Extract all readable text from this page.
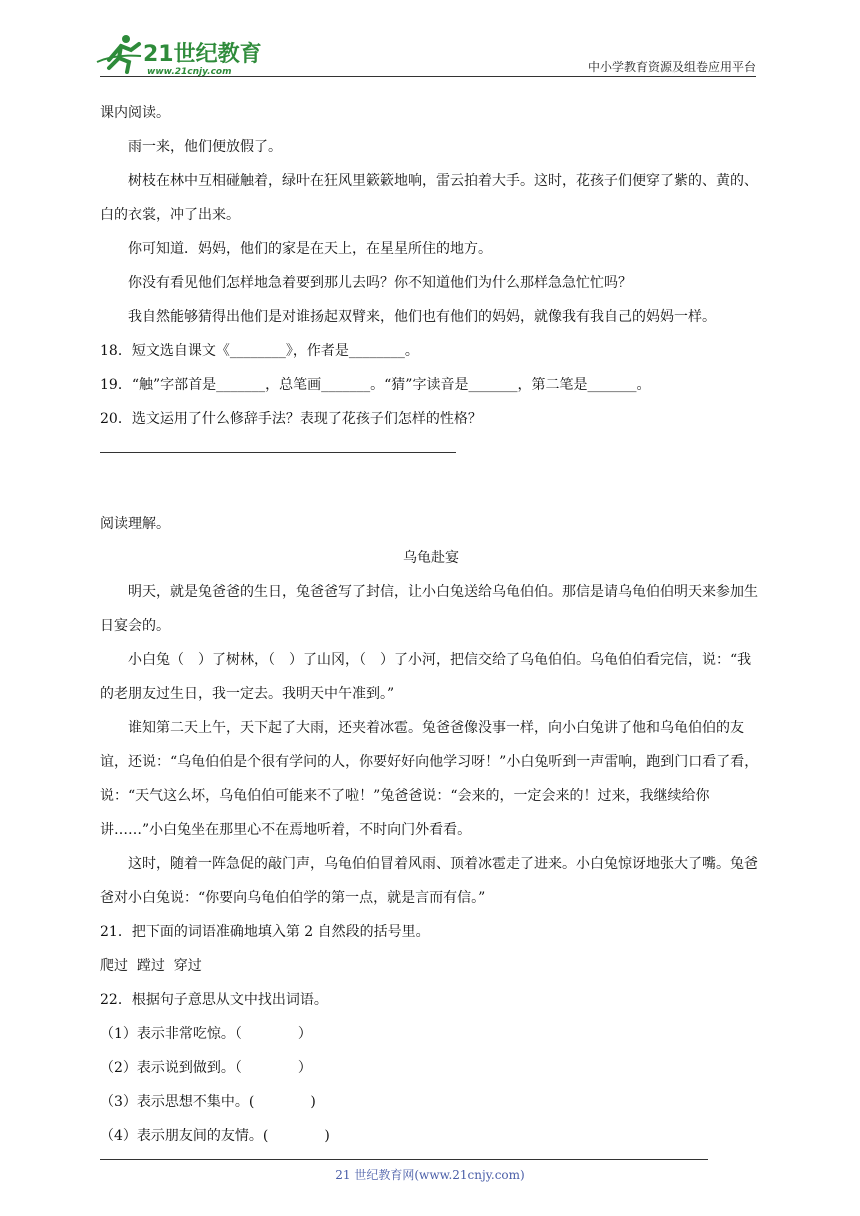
21世纪教育
www.21cnjy.com	中小学教育资源及组卷应用平台

课内阅读。

雨一来，他们便放假了。

树枝在林中互相碰触着，绿叶在狂风里簌簌地响，雷云拍着大手。这时，花孩子们便穿了紫的、黄的、白的衣裳，冲了出来。

你可知道．妈妈，他们的家是在天上，在星星所住的地方。

你没有看见他们怎样地急着要到那儿去吗？你不知道他们为什么那样急急忙忙吗？

我自然能够猜得出他们是对谁扬起双臂来，他们也有他们的妈妈，就像我有我自己的妈妈一样。

18．短文选自课文《________》，作者是________。

19．“触”字部首是_______，总笔画_______。“猜”字读音是_______，第二笔是_______。

20．选文运用了什么修辞手法？表现了花孩子们怎样的性格？

阅读理解。

乌龟赴宴

明天，就是兔爸爸的生日，兔爸爸写了封信，让小白兔送给乌龟伯伯。那信是请乌龟伯伯明天来参加生日宴会的。

小白兔（　）了树林，（　）了山冈，（　）了小河，把信交给了乌龟伯伯。乌龟伯伯看完信，说：“我的老朋友过生日，我一定去。我明天中午准到。”

谁知第二天上午，天下起了大雨，还夹着冰雹。兔爸爸像没事一样，向小白兔讲了他和乌龟伯伯的友谊，还说：“乌龟伯伯是个很有学问的人，你要好好向他学习呀！”小白兔听到一声雷响，跑到门口看了看，说：“天气这么坏，乌龟伯伯可能来不了啦！”兔爸爸说：“会来的，一定会来的！过来，我继续给你讲……”小白兔坐在那里心不在焉地听着，不时向门外看看。

这时，随着一阵急促的敲门声，乌龟伯伯冒着风雨、顶着冰雹走了进来。小白兔惊讶地张大了嘴。兔爸爸对小白兔说：“你要向乌龟伯伯学的第一点，就是言而有信。”

21．把下面的词语准确地填入第 2 自然段的括号里。

爬过  蹚过  穿过

22．根据句子意思从文中找出词语。

（1）表示非常吃惊。（　　　　）

（2）表示说到做到。（　　　　）

（3）表示思想不集中。(　　　　)

（4）表示朋友间的友情。(　　　　)

21 世纪教育网(www.21cnjy.com)
